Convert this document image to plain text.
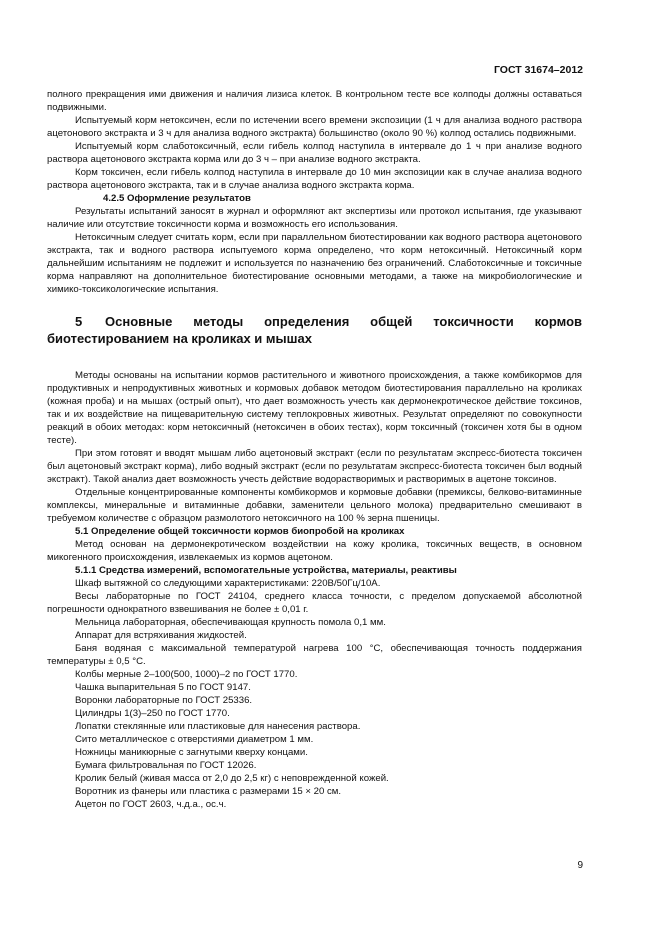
ГОСТ 31674–2012

полного прекращения ими движения и наличия лизиса клеток. В контрольном тесте все колподы должны оставаться подвижными.

Испытуемый корм нетоксичен, если по истечении всего времени экспозиции (1 ч для анализа водного раствора ацетонового экстракта и 3 ч для анализа водного экстракта) большинство (около 90 %) колпод остались подвижными.

Испытуемый корм слаботоксичный, если гибель колпод наступила в интервале до 1 ч при анализе водного раствора ацетонового экстракта корма или до 3 ч – при анализе водного экстракта.

Корм токсичен, если гибель колпод наступила в интервале до 10 мин экспозиции как в случае анализа водного раствора ацетонового экстракта, так и в случае анализа водного экстракта корма.

4.2.5 Оформление результатов

Результаты испытаний заносят в журнал и оформляют акт экспертизы или протокол испытания, где указывают наличие или отсутствие токсичности корма и возможность его использования.

Нетоксичным следует считать корм, если при параллельном биотестировании как водного раствора ацетонового экстракта, так и водного раствора испытуемого корма определено, что корм нетоксичный. Нетоксичный корм дальнейшим испытаниям не подлежит и используется по назначению без ограничений. Слаботоксичные и токсичные корма направляют на дополнительное биотестирование основными методами, а также на микробиологические и химико-токсикологические испытания.

5 Основные методы определения общей токсичности кормов биотестированием на кроликах и мышах

Методы основаны на испытании кормов растительного и животного происхождения, а также комбикормов для продуктивных и непродуктивных животных и кормовых добавок методом биотестирования параллельно на кроликах (кожная проба) и на мышах (острый опыт), что дает возможность учесть как дермонекротическое действие токсинов, так и их воздействие на пищеварительную систему теплокровных животных. Результат определяют по совокупности реакций в обоих методах: корм нетоксичный (нетоксичен в обоих тестах), корм токсичный (токсичен хотя бы в одном тесте).

При этом готовят и вводят мышам либо ацетоновый экстракт (если по результатам экспресс-биотеста токсичен был ацетоновый экстракт корма), либо водный экстракт (если по результатам экспресс-биотеста токсичен был водный экстракт). Такой анализ дает возможность учесть действие водорастворимых и растворимых в ацетоне токсинов.

Отдельные концентрированные компоненты комбикормов и кормовые добавки (премиксы, белково-витаминные комплексы, минеральные и витаминные добавки, заменители цельного молока) предварительно смешивают в требуемом количестве с образцом размолотого нетоксичного на 100 % зерна пшеницы.

5.1 Определение общей токсичности кормов биопробой на кроликах

Метод основан на дермонекротическом воздействии на кожу кролика, токсичных веществ, в основном микогенного происхождения, извлекаемых из кормов ацетоном.

5.1.1 Средства измерений, вспомогательные устройства, материалы, реактивы

Шкаф вытяжной со следующими характеристиками: 220В/50Гц/10А.

Весы лабораторные по ГОСТ 24104, среднего класса точности, с пределом допускаемой абсолютной погрешности однократного взвешивания не более ± 0,01 г.

Мельница лабораторная, обеспечивающая крупность помола 0,1 мм.

Аппарат для встряхивания жидкостей.

Баня водяная с максимальной температурой нагрева 100 °С, обеспечивающая точность поддержания температуры ± 0,5 °С.

Колбы мерные 2–100(500, 1000)–2 по ГОСТ 1770.

Чашка выпарительная 5 по ГОСТ 9147.

Воронки лабораторные по ГОСТ 25336.

Цилиндры 1(3)–250 по ГОСТ 1770.

Лопатки стеклянные или пластиковые для нанесения раствора.

Сито металлическое с отверстиями диаметром 1 мм.

Ножницы маникюрные с загнутыми кверху концами.

Бумага фильтровальная по ГОСТ 12026.

Кролик белый (живая масса от 2,0 до 2,5 кг) с неповрежденной кожей.

Воротник из фанеры или пластика с размерами 15 × 20 см.

Ацетон по ГОСТ 2603, ч.д.а., ос.ч.

9
